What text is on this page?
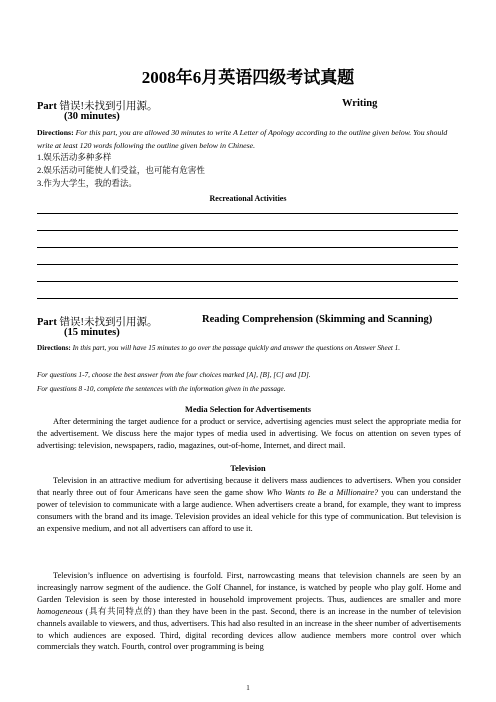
2008年6月英语四级考试真题
Part 错误!未找到引用源。	Writing
(30 minutes)
Directions: For this part, you are allowed 30 minutes to write A Letter of Apology according to the outline given below. You should write at least 120 words following the outline given below in Chinese.
1.娱乐活动多种多样
2.娱乐活动可能使人们受益，也可能有危害性
3.作为大学生，我的看法。
Recreational Activities
Part 错误!未找到引用源。	Reading Comprehension (Skimming and Scanning)
(15 minutes)
Directions: In this part, you will have 15 minutes to go over the passage quickly and answer the questions on Answer Sheet 1.
For questions 1-7, choose the best answer from the four choices marked [A], [B], [C] and [D].
For questions 8 -10, complete the sentences with the information given in the passage.
Media Selection for Advertisements
After determining the target audience for a product or service, advertising agencies must select the appropriate media for the advertisement. We discuss here the major types of media used in advertising. We focus on attention on seven types of advertising: television, newspapers, radio, magazines, out-of-home, Internet, and direct mail.
Television
Television in an attractive medium for advertising because it delivers mass audiences to advertisers. When you consider that nearly three out of four Americans have seen the game show Who Wants to Be a Millionaire? you can understand the power of television to communicate with a large audience. When advertisers create a brand, for example, they want to impress consumers with the brand and its image. Television provides an ideal vehicle for this type of communication. But television is an expensive medium, and not all advertisers can afford to use it.
Television’s influence on advertising is fourfold. First, narrowcasting means that television channels are seen by an increasingly narrow segment of the audience. the Golf Channel, for instance, is watched by people who play golf. Home and Garden Television is seen by those interested in household improvement projects. Thus, audiences are smaller and more homogeneous (具有共同特点的) than they have been in the past. Second, there is an increase in the number of television channels available to viewers, and thus, advertisers. This had also resulted in an increase in the sheer number of advertisements to which audiences are exposed. Third, digital recording devices allow audience members more control over which commercials they watch. Fourth, control over programming is being
1
